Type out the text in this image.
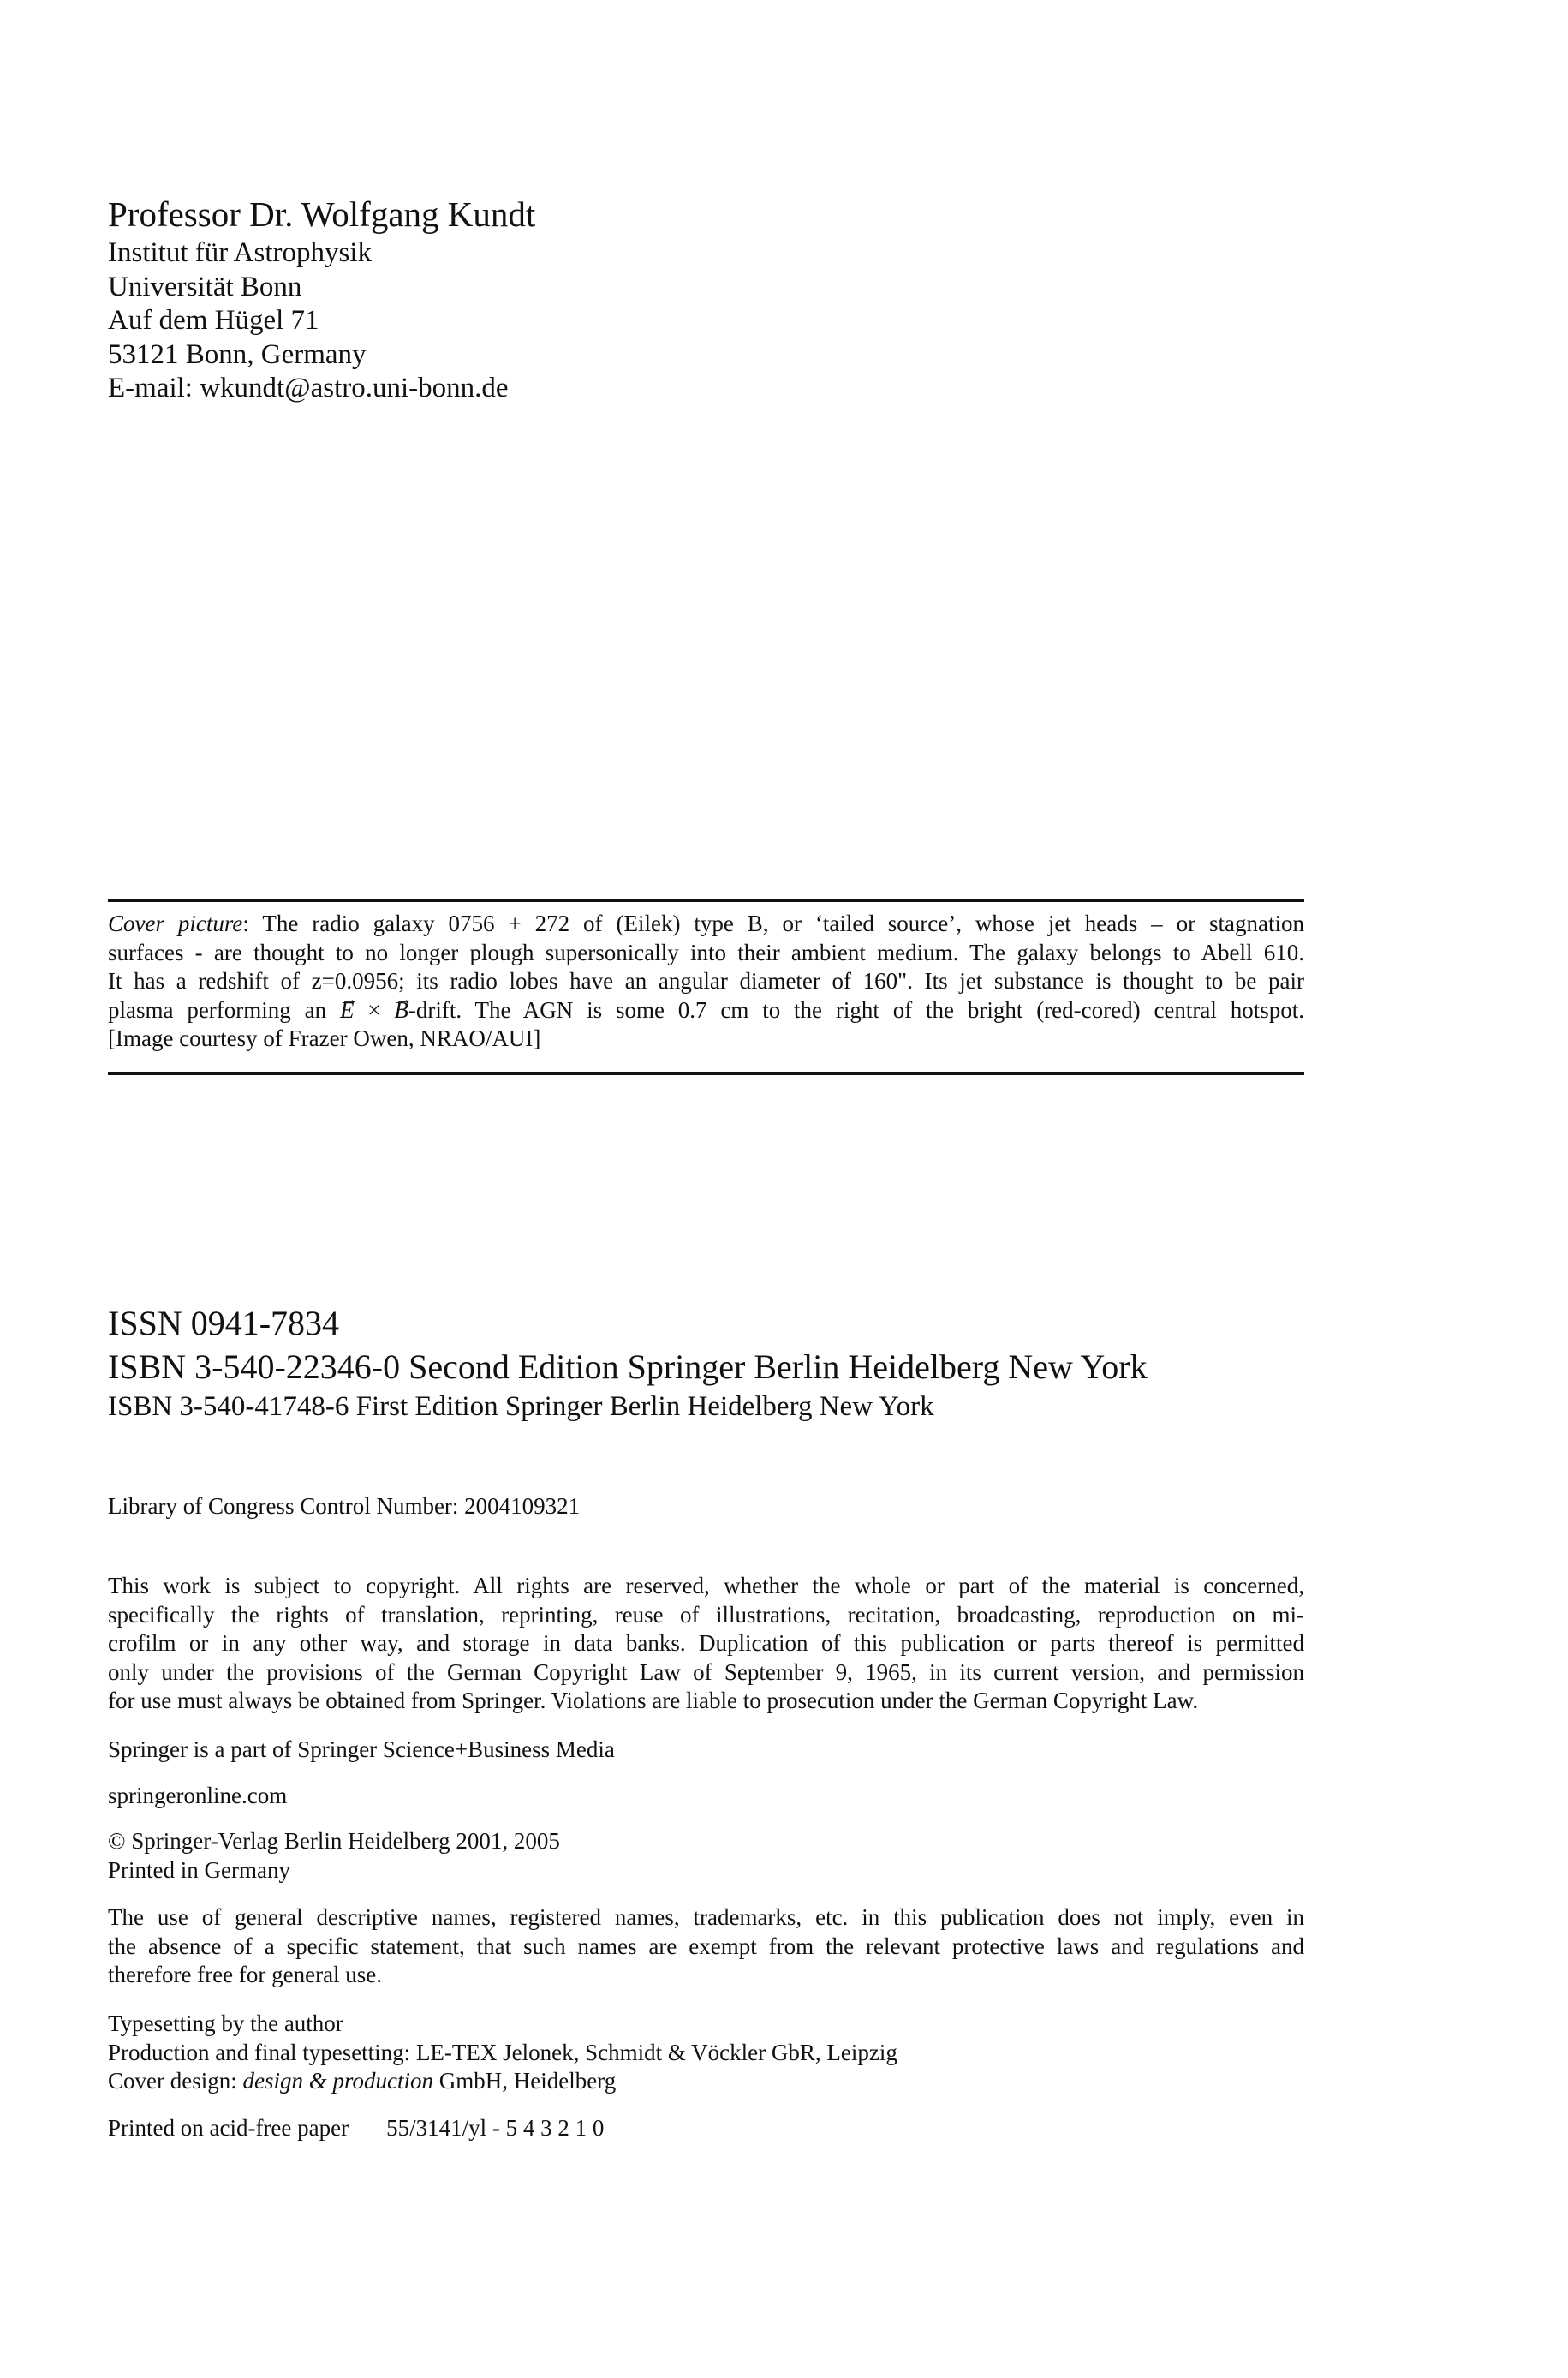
Professor Dr. Wolfgang Kundt
Institut für Astrophysik
Universität Bonn
Auf dem Hügel 71
53121 Bonn, Germany
E-mail: wkundt@astro.uni-bonn.de
Cover picture: The radio galaxy 0756 + 272 of (Eilek) type B, or ‘tailed source’, whose jet heads – or stagnation
surfaces - are thought to no longer plough supersonically into their ambient medium. The galaxy belongs to Abell 610.
It has a redshift of z=0.0956; its radio lobes have an angular diameter of 160". Its jet substance is thought to be pair
plasma performing an → E × → B-drift. The AGN is some 0.7 cm to the right of the bright (red-cored) central hotspot.
[Image courtesy of Frazer Owen, NRAO/AUI]
ISSN 0941-7834
ISBN 3-540-22346-0 Second Edition Springer Berlin Heidelberg New York
ISBN 3-540-41748-6 First Edition Springer Berlin Heidelberg New York
Library of Congress Control Number: 2004109321
This work is subject to copyright. All rights are reserved, whether the whole or part of the material is concerned,
specifically the rights of translation, reprinting, reuse of illustrations, recitation, broadcasting, reproduction on mi-
crofilm or in any other way, and storage in data banks. Duplication of this publication or parts thereof is permitted
only under the provisions of the German Copyright Law of September 9, 1965, in its current version, and permission
for use must always be obtained from Springer. Violations are liable to prosecution under the German Copyright Law.
Springer is a part of Springer Science+Business Media
springeronline.com
© Springer-Verlag Berlin Heidelberg 2001, 2005
Printed in Germany
The use of general descriptive names, registered names, trademarks, etc. in this publication does not imply, even in
the absence of a specific statement, that such names are exempt from the relevant protective laws and regulations and
therefore free for general use.
Typesetting by the author
Production and final typesetting: LE-TEX Jelonek, Schmidt & Vöckler GbR, Leipzig
Cover design: design & production GmbH, Heidelberg
Printed on acid-free paper 55/3141/yl - 5 4 3 2 1 0
